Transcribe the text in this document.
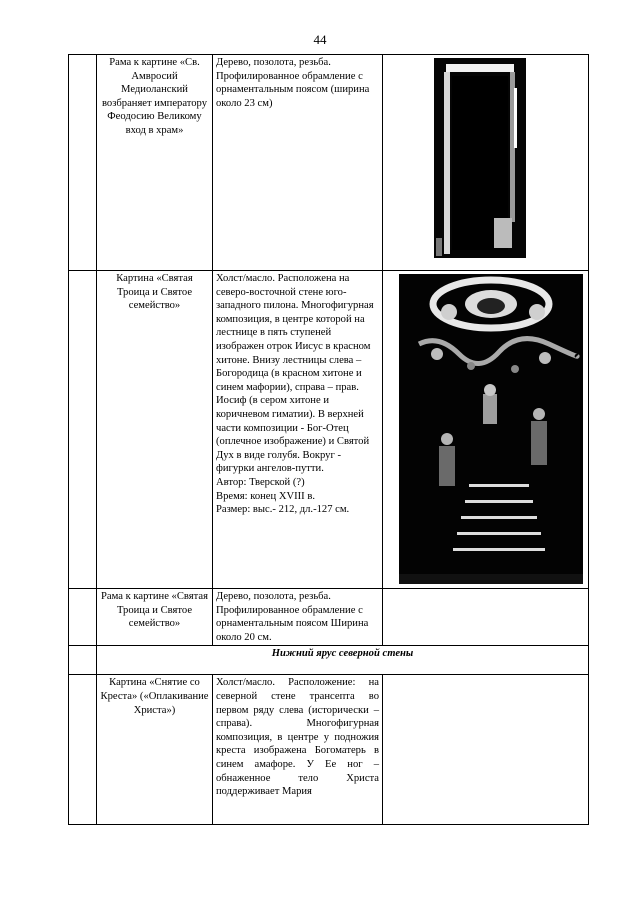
44
	Рама к картине «Св. Амвросий Медиоланский возбраняет императору Феодосию Великому вход в храм»	Дерево, позолота, резьба. Профилированное обрамление с орнаментальным поясом (ширина около 23 см)

	Картина «Святая Троица и Святое семейство»	Холст/масло. Расположена на северо-восточной стене юго-западного пилона. Многофигурная композиция, в центре которой на лестнице в пять ступеней изображен отрок Иисус в красном хитоне. Внизу лестницы слева – Богородица (в красном хитоне и синем мафории), справа – прав. Иосиф (в сером хитоне и коричневом гиматии). В верхней части композиции - Бог-Отец (оплечное изображение) и Святой Дух в виде голубя. Вокруг - фигурки ангелов-путти.

Автор: Тверской (?)

Время: конец XVIII в.

Размер: выс.- 212, дл.-127 см.

	Рама к картине «Святая Троица и Святое семейство»	Дерево, позолота, резьба. Профилированное обрамление с орнаментальным поясом Ширина около 20 см.	

	Нижний ярус северной стены		
	Картина «Снятие со Креста» («Оплакивание Христа»)	Холст/масло. Расположение: на северной стене трансепта во первом ряду слева (исторически – справа). Многофигурная композиция, в центре у подножия креста изображена Богоматерь в синем амафоре. У Ее ног – обнаженное тело Христа поддерживает Мария	
